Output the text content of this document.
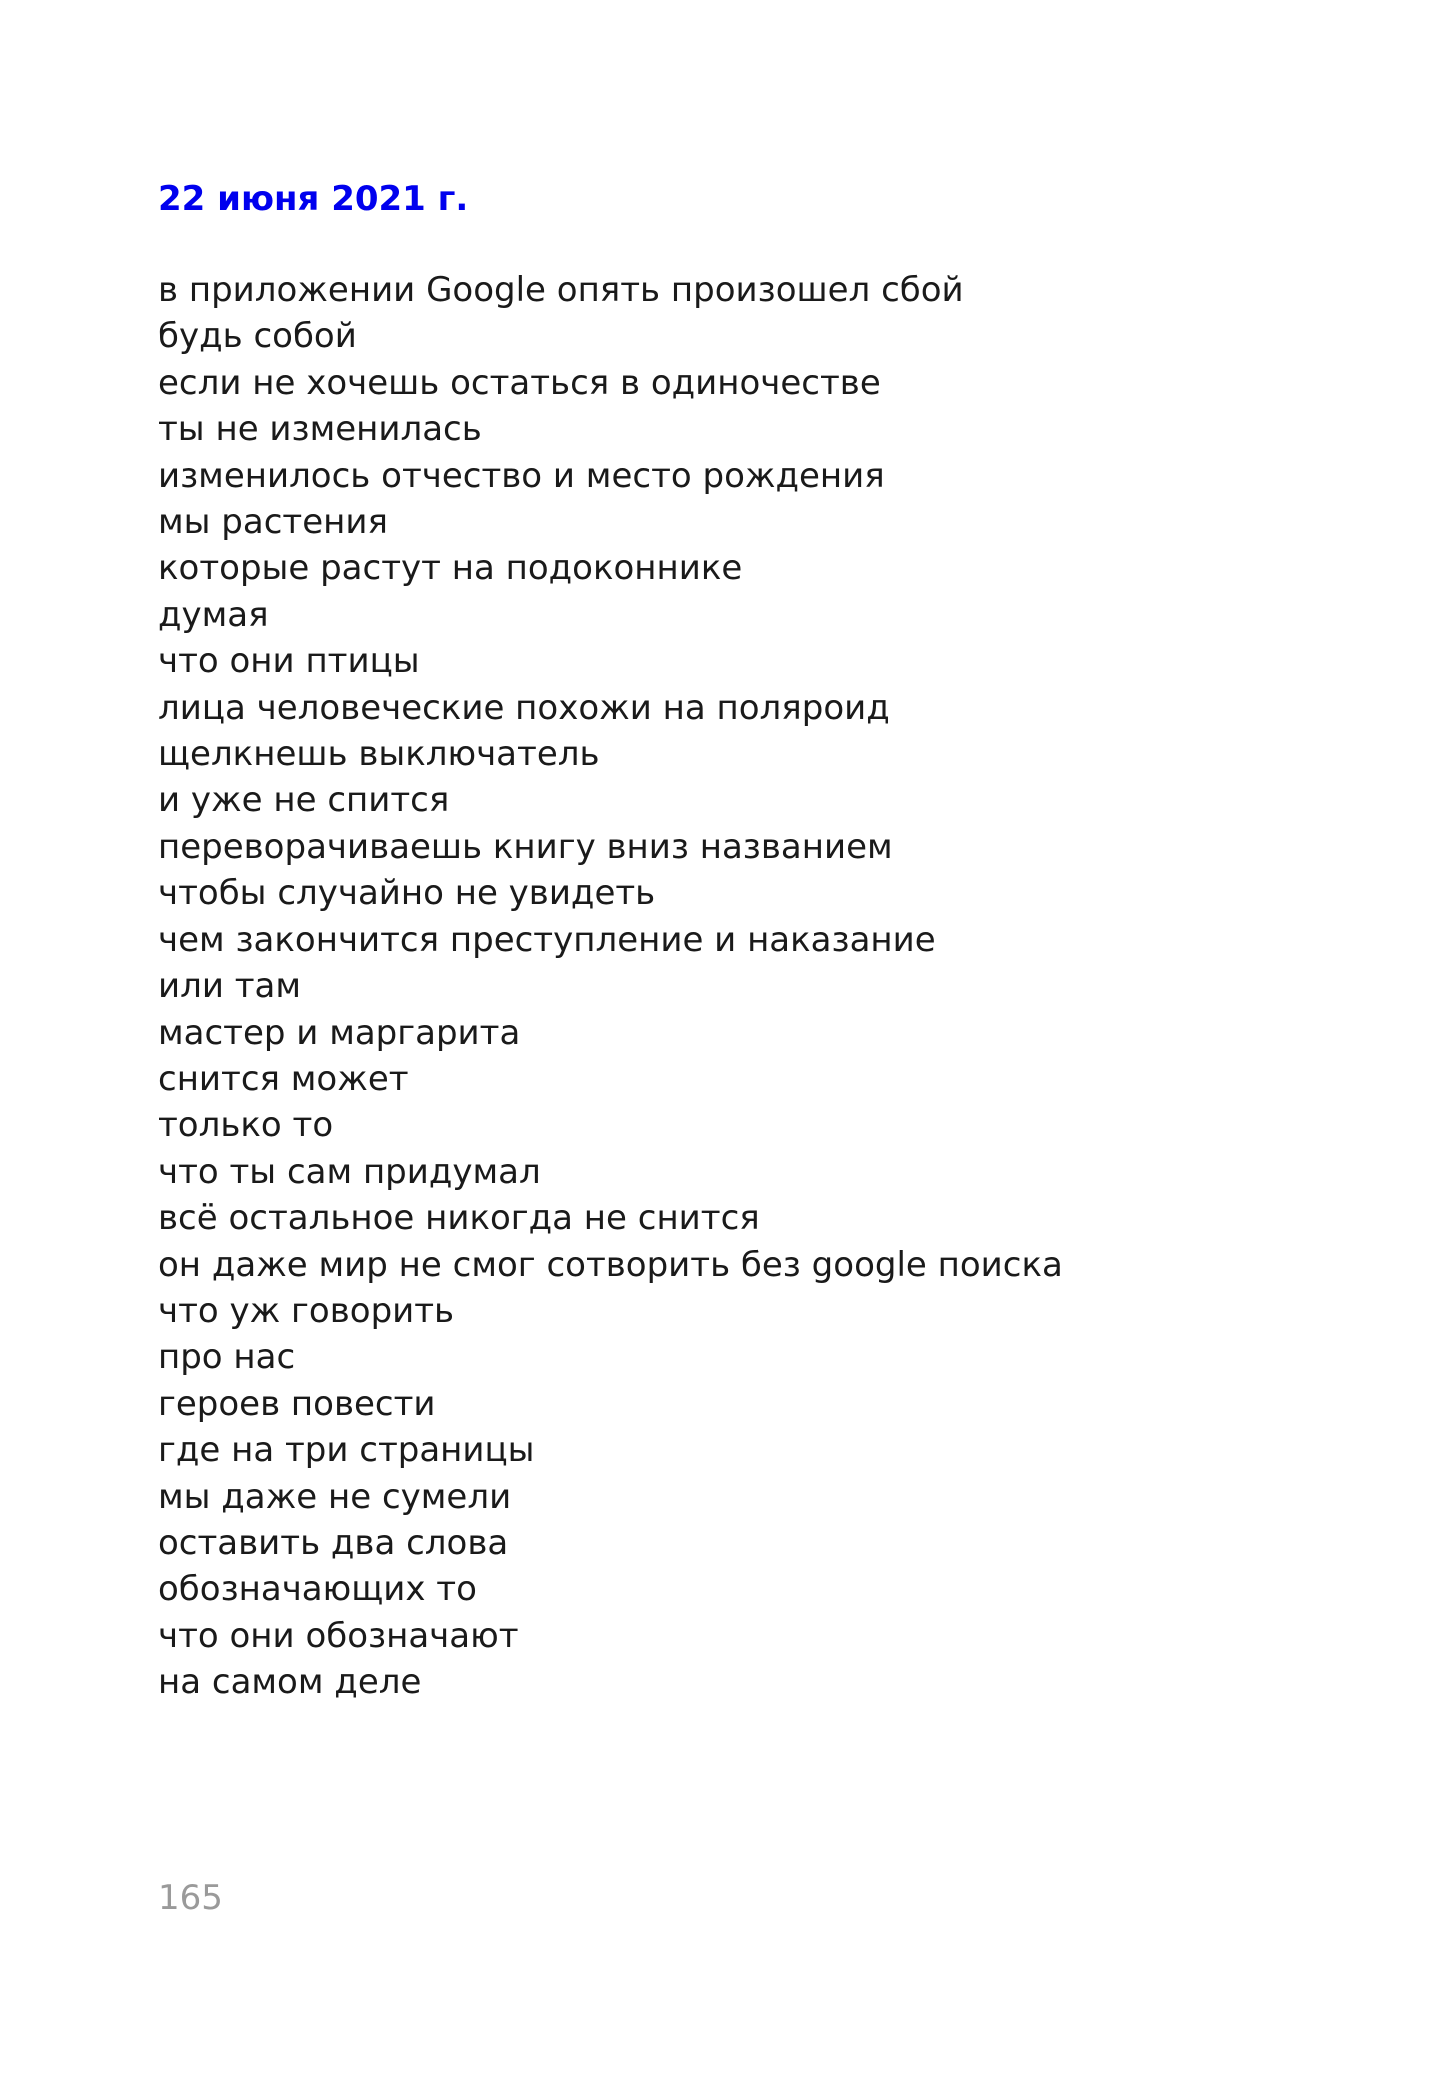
22 июня 2021 г.
в приложении Google опять произошел сбой
будь собой
если не хочешь остаться в одиночестве
ты не изменилась
изменилось отчество и место рождения
мы растения
которые растут на подоконнике
думая
что они птицы
лица человеческие похожи на поляроид
щелкнешь выключатель
и уже не спится
переворачиваешь книгу вниз названием
чтобы случайно не увидеть
чем закончится преступление и наказание
или там
мастер и маргарита
снится может
только то
что ты сам придумал
всё остальное никогда не снится
он даже мир не смог сотворить без google поиска
что уж говорить
про нас
героев повести
где на три страницы
мы даже не сумели
оставить два слова
обозначающих то
что они обозначают
на самом деле
165
